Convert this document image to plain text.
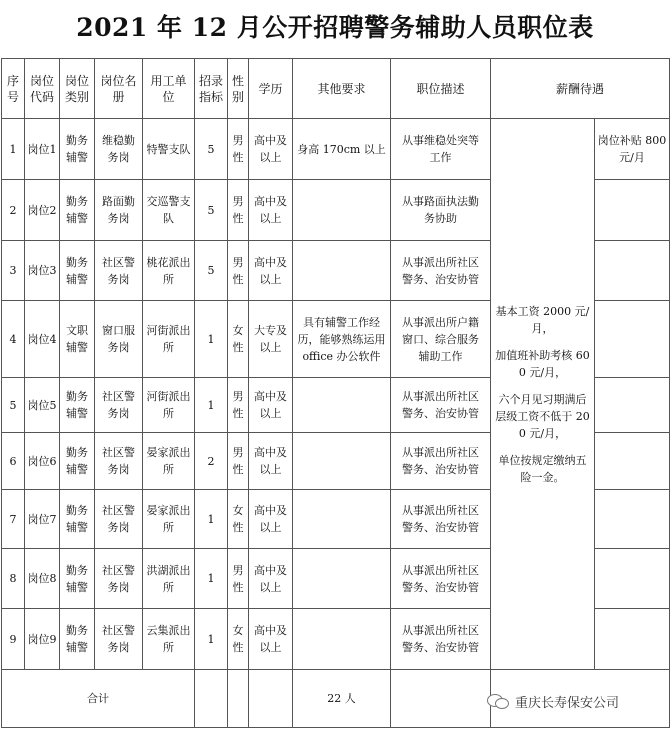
2021 年 12 月公开招聘警务辅助人员职位表
序号	岗位代码	岗位类别	岗位名册	用工单位	招录指标	性别	学历	其他要求	职位描述	薪酬待遇	

1	岗位1	勤务辅警	维稳勤务岗	特警支队	5	男性	高中及以上	身高 170cm 以上	从事维稳处突等工作	基本工资 2000 元/月，
加值班补助考核 600 元/月，
六个月见习期满后层级工资不低于 200 元/月，
单位按规定缴纳五险一金。	岗位补贴 800 元/月

2	岗位2	勤务辅警	路面勤务岗	交巡警支队	5	男性	高中及以上		从事路面执法勤务协助		

3	岗位3	勤务辅警	社区警务岗	桃花派出所	5	男性	高中及以上		从事派出所社区警务、治安协管		

4	岗位4	文职辅警	窗口服务岗	河街派出所	1	女性	大专及以上	具有辅警工作经历，能够熟练运用 office 办公软件	从事派出所户籍窗口、综合服务辅助工作		

5	岗位5	勤务辅警	社区警务岗	河街派出所	1	男性	高中及以上		从事派出所社区警务、治安协管		

6	岗位6	勤务辅警	社区警务岗	晏家派出所	2	男性	高中及以上		从事派出所社区警务、治安协管		

7	岗位7	勤务辅警	社区警务岗	晏家派出所	1	女性	高中及以上		从事派出所社区警务、治安协管		

8	岗位8	勤务辅警	社区警务岗	洪湖派出所	1	男性	高中及以上		从事派出所社区警务、治安协管		

9	岗位9	勤务辅警	社区警务岗	云集派出所	1	女性	高中及以上		从事派出所社区警务、治安协管		

合计								22 人			
			重庆长寿保安公司
